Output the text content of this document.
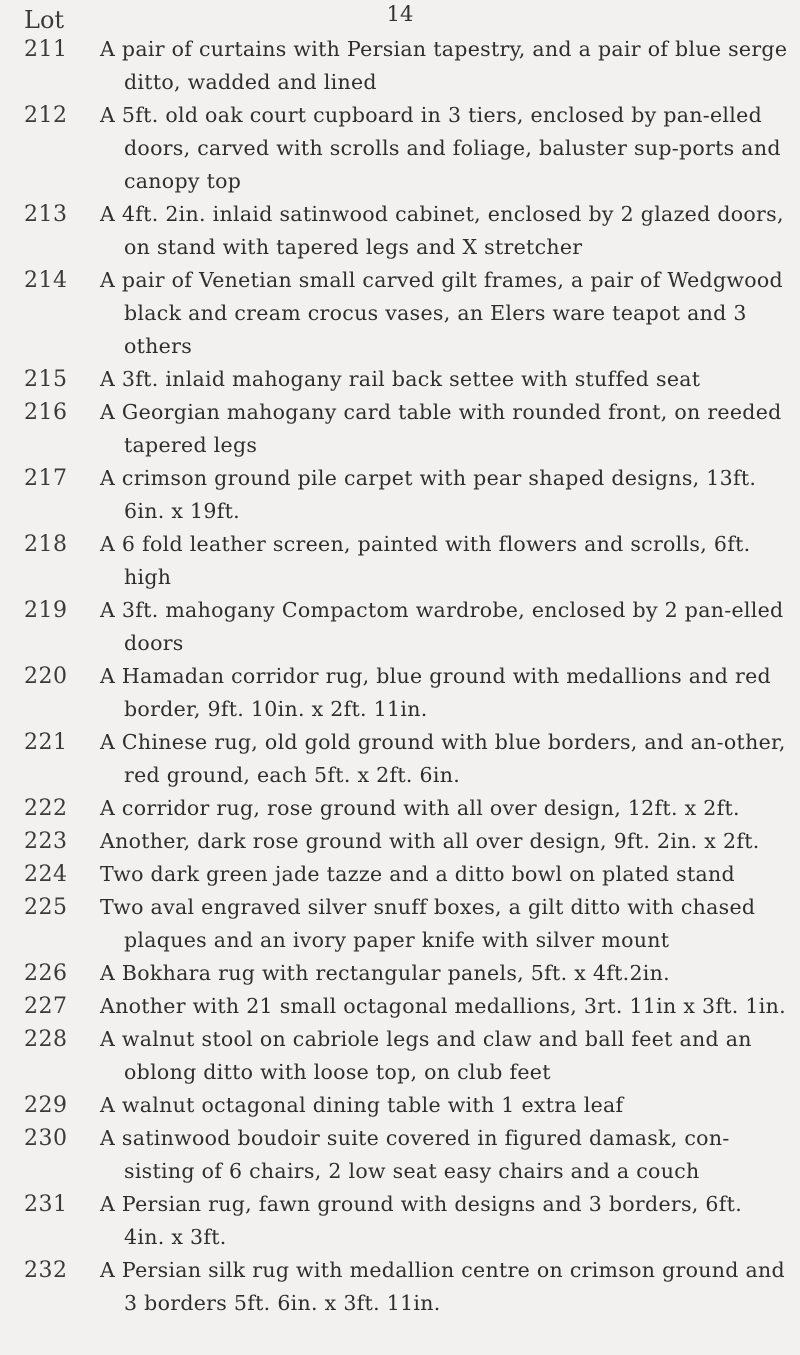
14
Lot
211	A pair of curtains with Persian tapestry, and a pair of blue serge ditto, wadded and lined
212	A 5ft. old oak court cupboard in 3 tiers, enclosed by pan-elled doors, carved with scrolls and foliage, baluster sup-ports and canopy top
213	A 4ft. 2in. inlaid satinwood cabinet, enclosed by 2 glazed doors, on stand with tapered legs and X stretcher
214	A pair of Venetian small carved gilt frames, a pair of Wedgwood black and cream crocus vases, an Elers ware teapot and 3 others
215	A 3ft. inlaid mahogany rail back settee with stuffed seat
216	A Georgian mahogany card table with rounded front, on reeded tapered legs
217	A crimson ground pile carpet with pear shaped designs, 13ft. 6in. x 19ft.
218	A 6 fold leather screen, painted with flowers and scrolls, 6ft. high
219	A 3ft. mahogany Compactom wardrobe, enclosed by 2 pan-elled doors
220	A Hamadan corridor rug, blue ground with medallions and red border, 9ft. 10in. x 2ft. 11in.
221	A Chinese rug, old gold ground with blue borders, and an-other, red ground, each 5ft. x 2ft. 6in.
222	A corridor rug, rose ground with all over design, 12ft. x 2ft.
223	Another, dark rose ground with all over design, 9ft. 2in. x 2ft.
224	Two dark green jade tazze and a ditto bowl on plated stand
225	Two aval engraved silver snuff boxes, a gilt ditto with chased plaques and an ivory paper knife with silver mount
226	A Bokhara rug with rectangular panels, 5ft. x 4ft.2in.
227	Another with 21 small octagonal medallions, 3rt. 11in x 3ft. 1in.
228	A walnut stool on cabriole legs and claw and ball feet and an oblong ditto with loose top, on club feet
229	A walnut octagonal dining table with 1 extra leaf
230	A satinwood boudoir suite covered in figured damask, con-sisting of 6 chairs, 2 low seat easy chairs and a couch
231	A Persian rug, fawn ground with designs and 3 borders, 6ft. 4in. x 3ft.
232	A Persian silk rug with medallion centre on crimson ground and 3 borders 5ft. 6in. x 3ft. 11in.
